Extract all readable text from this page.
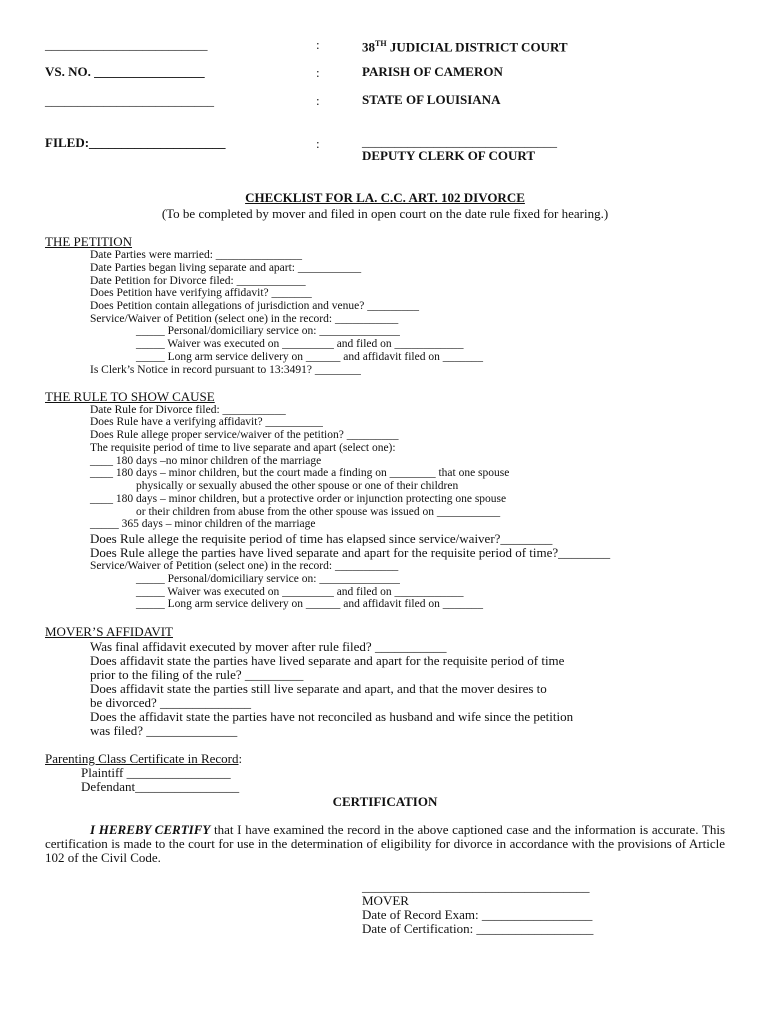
_________________________	:	38TH JUDICIAL DISTRICT COURT
VS. NO. _________________	:	PARISH OF CAMERON
__________________________	:	STATE OF LOUISIANA
FILED:_____________________	:	______________________________
DEPUTY CLERK OF COURT
CHECKLIST FOR LA. C.C. ART. 102 DIVORCE
(To be completed by mover and filed in open court on the date rule fixed for hearing.)
THE PETITION
Date Parties were married: _______________
Date Parties began living separate and apart: ___________
Date Petition for Divorce filed: ____________
Does Petition have verifying affidavit? _______
Does Petition contain allegations of jurisdiction and venue? _________
Service/Waiver of Petition (select one) in the record: ___________
_____ Personal/domiciliary service on: ______________
_____ Waiver was executed on _________ and filed on ____________
_____ Long arm service delivery on ______ and affidavit filed on _______
Is Clerk’s Notice in record pursuant to 13:3491? ________
THE RULE TO SHOW CAUSE
Date Rule for Divorce filed: ___________
Does Rule have a verifying affidavit? __________
Does Rule allege proper service/waiver of the petition? _________
The requisite period of time to live separate and apart (select one):
____ 180 days –no minor children of the marriage
____ 180 days – minor children, but the court made a finding on ________ that one spouse
physically or sexually abused the other spouse or one of their children
____ 180 days – minor children, but a protective order or injunction protecting one spouse
or their children from abuse from the other spouse was issued on ___________
_____ 365 days – minor children of the marriage
Does Rule allege the requisite period of time has elapsed since service/waiver?________
Does Rule allege the parties have lived separate and apart for the requisite period of time?________
Service/Waiver of Petition (select one) in the record: ___________
_____ Personal/domiciliary service on: ______________
_____ Waiver was executed on _________ and filed on ____________
_____ Long arm service delivery on ______ and affidavit filed on _______
MOVER’S AFFIDAVIT
Was final affidavit executed by mover after rule filed? ___________
Does affidavit state the parties have lived separate and apart for the requisite period of time
prior to the filing of the rule? _________
Does affidavit state the parties still live separate and apart, and that the mover desires to
be divorced? ______________
Does the affidavit state the parties have not reconciled as husband and wife since the petition
was filed? ______________
Parenting Class Certificate in Record:
Plaintiff ________________
Defendant________________
CERTIFICATION
I HEREBY CERTIFY that I have examined the record in the above captioned case and the information is accurate. This certification is made to the court for use in the determination of eligibility for divorce in accordance with the provisions of Article 102 of the Civil Code.
___________________________________
MOVER
Date of Record Exam: _________________
Date of Certification: __________________
